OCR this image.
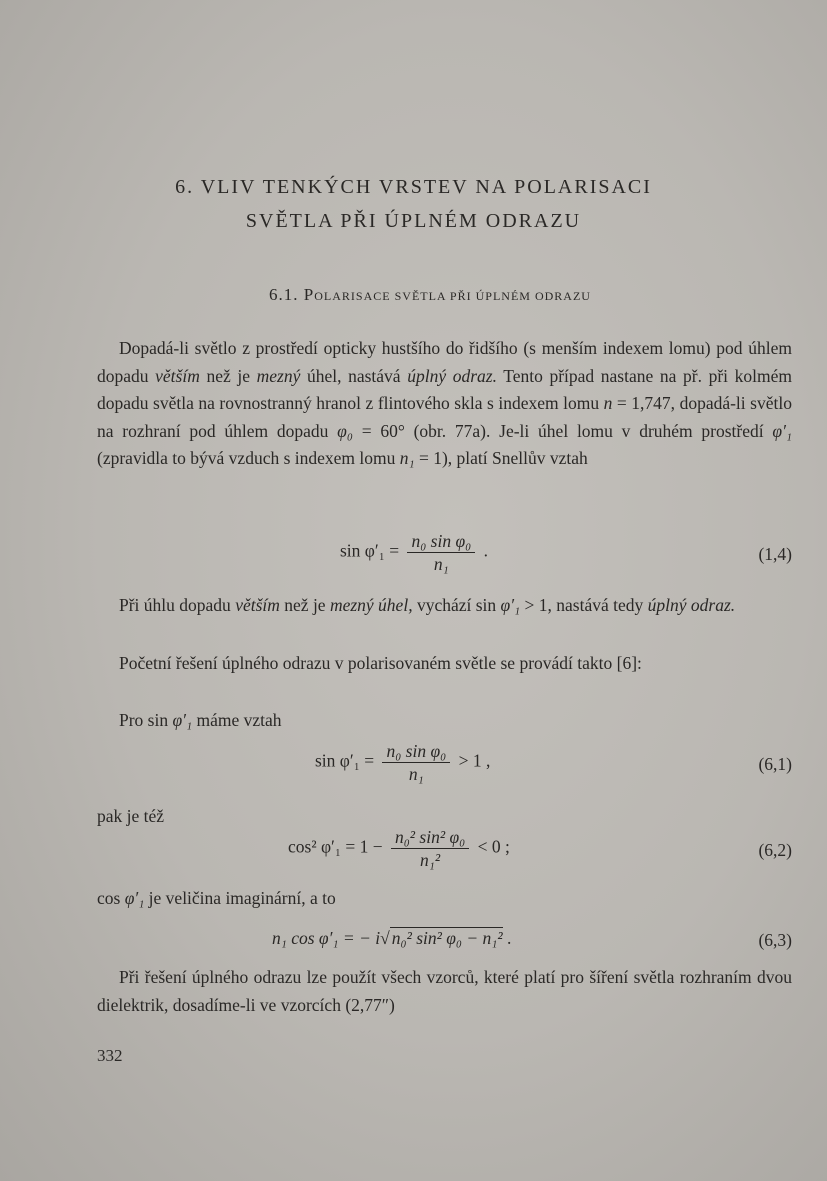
6. VLIV TENKÝCH VRSTEV NA POLARISACI
SVĚTLA PŘI ÚPLNÉM ODRAZU
6.1. POLARISACE SVĚTLA PŘI ÚPLNÉM ODRAZU
Dopadá-li světlo z prostředí opticky hustšího do řidšího (s menším indexem lomu) pod úhlem dopadu větším než je mezný úhel, nastává úplný odraz. Tento případ nastane na př. při kolmém dopadu světla na rovnostranný hranol z flintového skla s indexem lomu n = 1,747, dopadá-li světlo na rozhraní pod úhlem dopadu φ₀ = 60° (obr. 77a). Je-li úhel lomu v druhém prostředí φ′₁ (zpravidla to bývá vzduch s indexem lomu n₁ = 1), platí Snellův vztah
$\sin \varphi'_1 = \frac{\text{n₀ sin φ₀}}{\text{n₁}}$ .	(1,4)
Při úhlu dopadu větším než je mezný úhel, vychází sin φ′₁ > 1, nastává tedy úplný odraz.
Početní řešení úplného odrazu v polarisovaném světle se provádí takto [6]:
Pro sin φ′₁ máme vztah
$\sin \varphi'_1 = \frac{\text{n₀ sin φ₀}}{\text{n₁}} > 1$ ,	(6,1)
pak je též
cos² $\varphi'_1 = 1 - \frac{\text{n₀² sin² φ₀}}{\text{n₁²}} < 0$ ;	(6,2)
cos φ′₁ je veličina imaginární, a to
n₁ cos φ′₁ = − i√ n₀² sin² φ₀ − n₁² .	(6,3)
Při řešení úplného odrazu lze použít všech vzorců, které platí pro šíření světla rozhraním dvou dielektrik, dosadíme-li ve vzorcích (2,77″)
332
